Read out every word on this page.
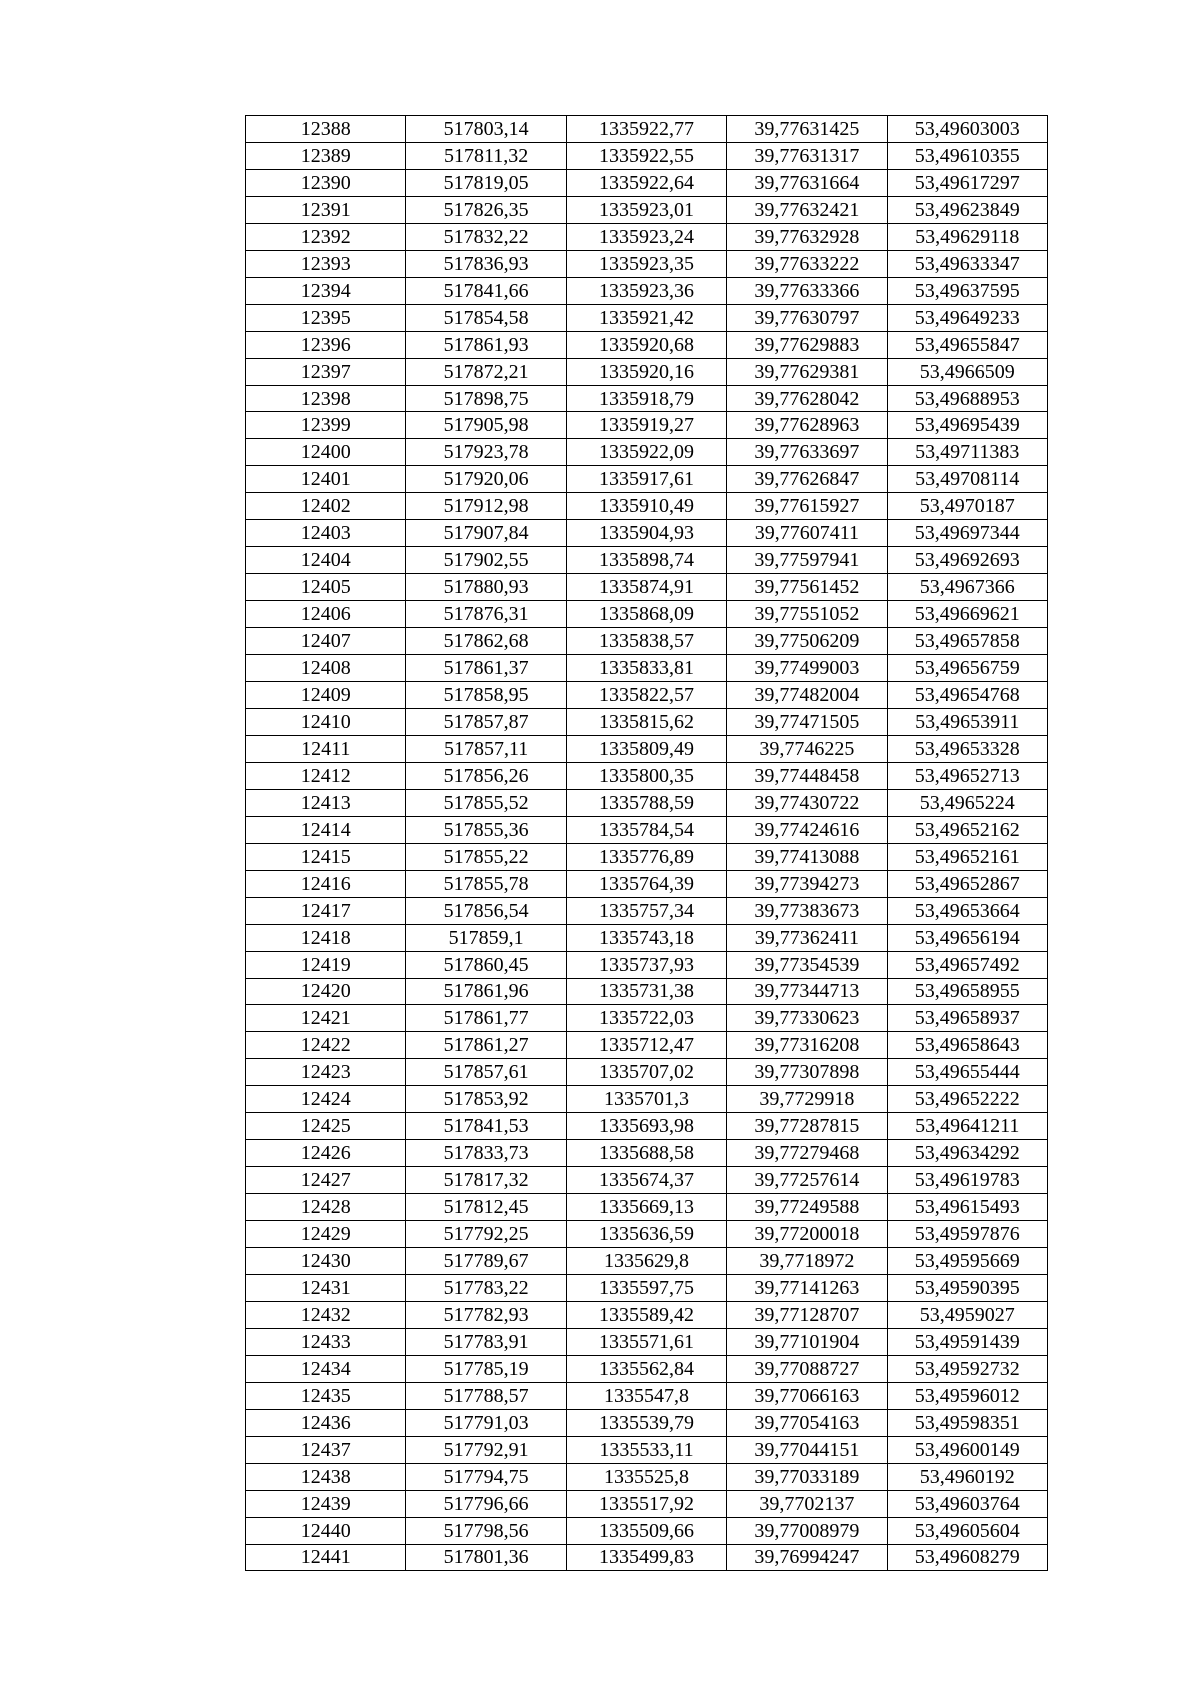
12388	517803,14	1335922,77	39,77631425	53,49603003
12389	517811,32	1335922,55	39,77631317	53,49610355
12390	517819,05	1335922,64	39,77631664	53,49617297
12391	517826,35	1335923,01	39,77632421	53,49623849
12392	517832,22	1335923,24	39,77632928	53,49629118
12393	517836,93	1335923,35	39,77633222	53,49633347
12394	517841,66	1335923,36	39,77633366	53,49637595
12395	517854,58	1335921,42	39,77630797	53,49649233
12396	517861,93	1335920,68	39,77629883	53,49655847
12397	517872,21	1335920,16	39,77629381	53,4966509
12398	517898,75	1335918,79	39,77628042	53,49688953
12399	517905,98	1335919,27	39,77628963	53,49695439
12400	517923,78	1335922,09	39,77633697	53,49711383
12401	517920,06	1335917,61	39,77626847	53,49708114
12402	517912,98	1335910,49	39,77615927	53,4970187
12403	517907,84	1335904,93	39,77607411	53,49697344
12404	517902,55	1335898,74	39,77597941	53,49692693
12405	517880,93	1335874,91	39,77561452	53,4967366
12406	517876,31	1335868,09	39,77551052	53,49669621
12407	517862,68	1335838,57	39,77506209	53,49657858
12408	517861,37	1335833,81	39,77499003	53,49656759
12409	517858,95	1335822,57	39,77482004	53,49654768
12410	517857,87	1335815,62	39,77471505	53,49653911
12411	517857,11	1335809,49	39,7746225	53,49653328
12412	517856,26	1335800,35	39,77448458	53,49652713
12413	517855,52	1335788,59	39,77430722	53,4965224
12414	517855,36	1335784,54	39,77424616	53,49652162
12415	517855,22	1335776,89	39,77413088	53,49652161
12416	517855,78	1335764,39	39,77394273	53,49652867
12417	517856,54	1335757,34	39,77383673	53,49653664
12418	517859,1	1335743,18	39,77362411	53,49656194
12419	517860,45	1335737,93	39,77354539	53,49657492
12420	517861,96	1335731,38	39,77344713	53,49658955
12421	517861,77	1335722,03	39,77330623	53,49658937
12422	517861,27	1335712,47	39,77316208	53,49658643
12423	517857,61	1335707,02	39,77307898	53,49655444
12424	517853,92	1335701,3	39,7729918	53,49652222
12425	517841,53	1335693,98	39,77287815	53,49641211
12426	517833,73	1335688,58	39,77279468	53,49634292
12427	517817,32	1335674,37	39,77257614	53,49619783
12428	517812,45	1335669,13	39,77249588	53,49615493
12429	517792,25	1335636,59	39,77200018	53,49597876
12430	517789,67	1335629,8	39,7718972	53,49595669
12431	517783,22	1335597,75	39,77141263	53,49590395
12432	517782,93	1335589,42	39,77128707	53,4959027
12433	517783,91	1335571,61	39,77101904	53,49591439
12434	517785,19	1335562,84	39,77088727	53,49592732
12435	517788,57	1335547,8	39,77066163	53,49596012
12436	517791,03	1335539,79	39,77054163	53,49598351
12437	517792,91	1335533,11	39,77044151	53,49600149
12438	517794,75	1335525,8	39,77033189	53,4960192
12439	517796,66	1335517,92	39,7702137	53,49603764
12440	517798,56	1335509,66	39,77008979	53,49605604
12441	517801,36	1335499,83	39,76994247	53,49608279
